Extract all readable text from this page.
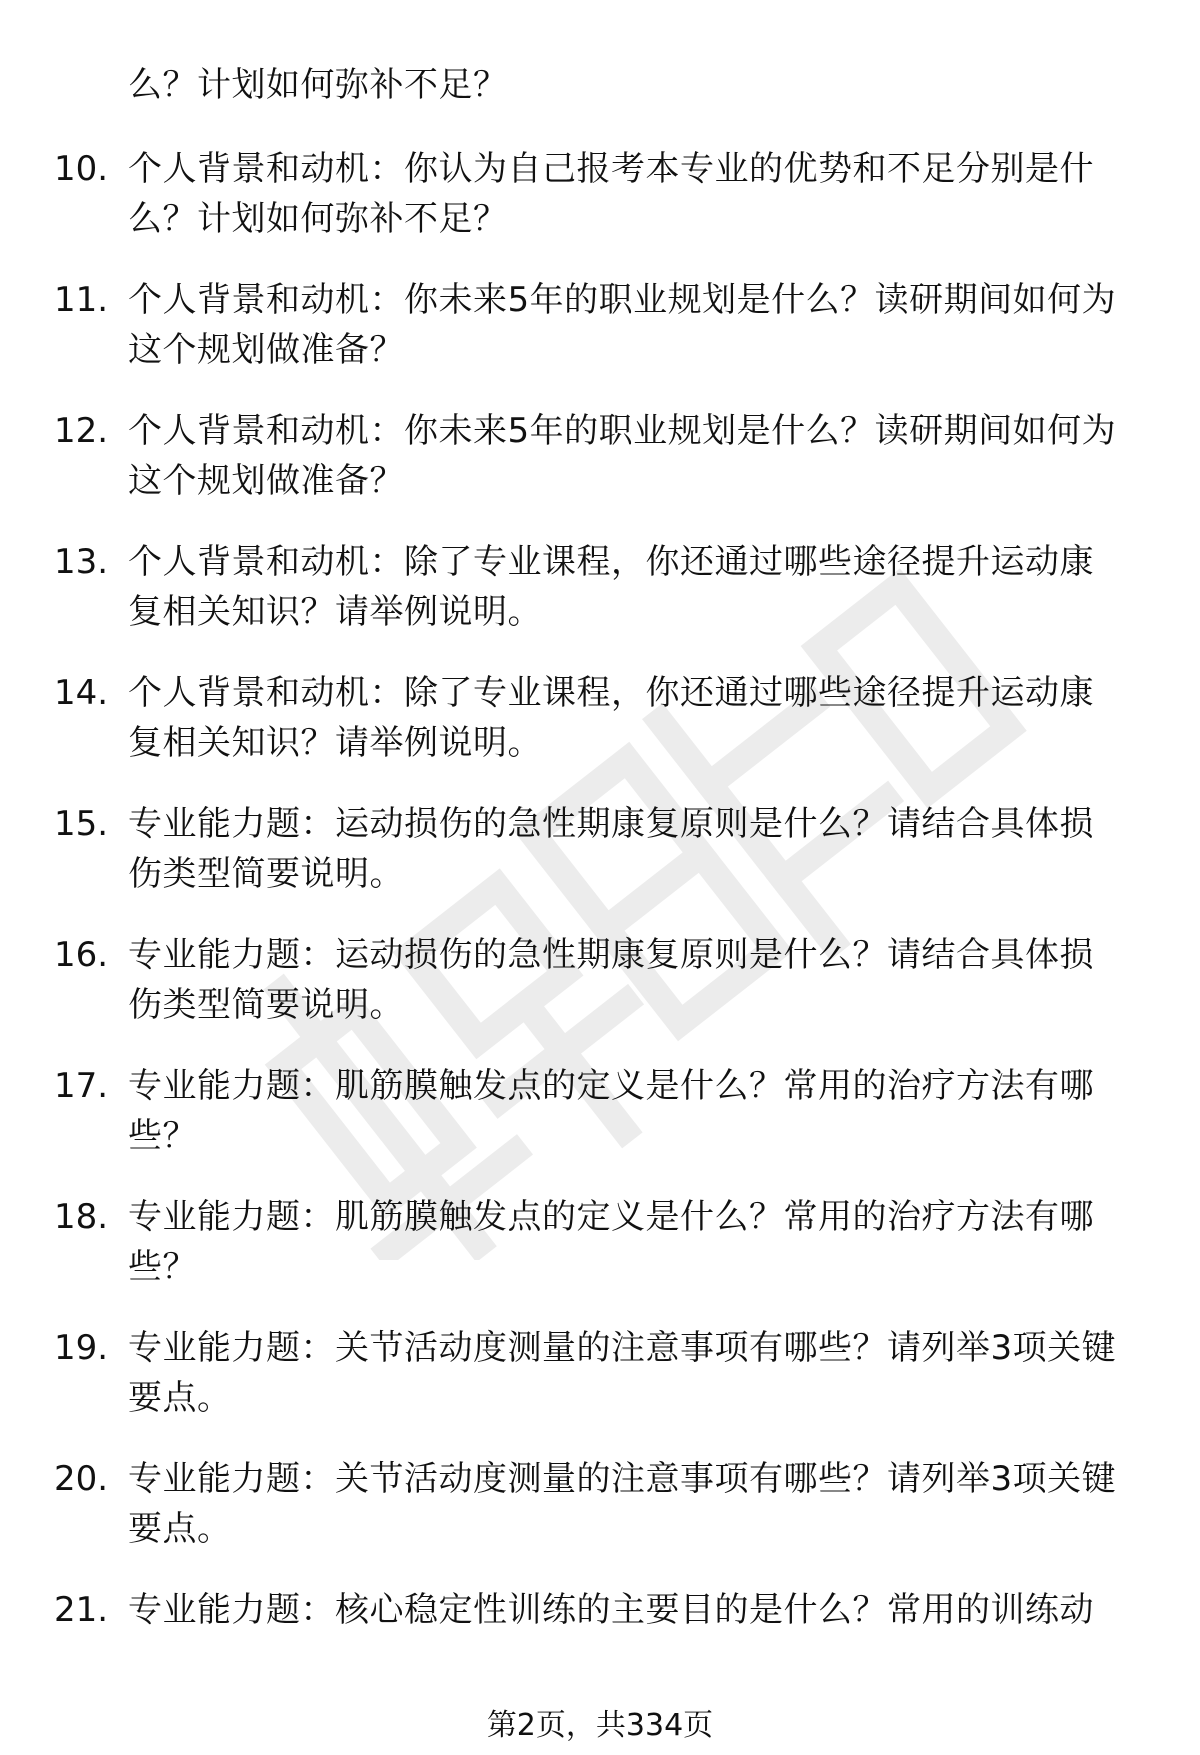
么？计划如何弥补不足？
10. 个人背景和动机：你认为自己报考本专业的优势和不足分别是什
么？计划如何弥补不足？
11. 个人背景和动机：你未来5年的职业规划是什么？读研期间如何为
这个规划做准备？
12. 个人背景和动机：你未来5年的职业规划是什么？读研期间如何为
这个规划做准备？
13. 个人背景和动机：除了专业课程，你还通过哪些途径提升运动康
复相关知识？请举例说明。
14. 个人背景和动机：除了专业课程，你还通过哪些途径提升运动康
复相关知识？请举例说明。
15. 专业能力题：运动损伤的急性期康复原则是什么？请结合具体损
伤类型简要说明。
16. 专业能力题：运动损伤的急性期康复原则是什么？请结合具体损
伤类型简要说明。
17. 专业能力题：肌筋膜触发点的定义是什么？常用的治疗方法有哪
些？
18. 专业能力题：肌筋膜触发点的定义是什么？常用的治疗方法有哪
些？
19. 专业能力题：关节活动度测量的注意事项有哪些？请列举3项关键
要点。
20. 专业能力题：关节活动度测量的注意事项有哪些？请列举3项关键
要点。
21. 专业能力题：核心稳定性训练的主要目的是什么？常用的训练动
第2页，共334页
